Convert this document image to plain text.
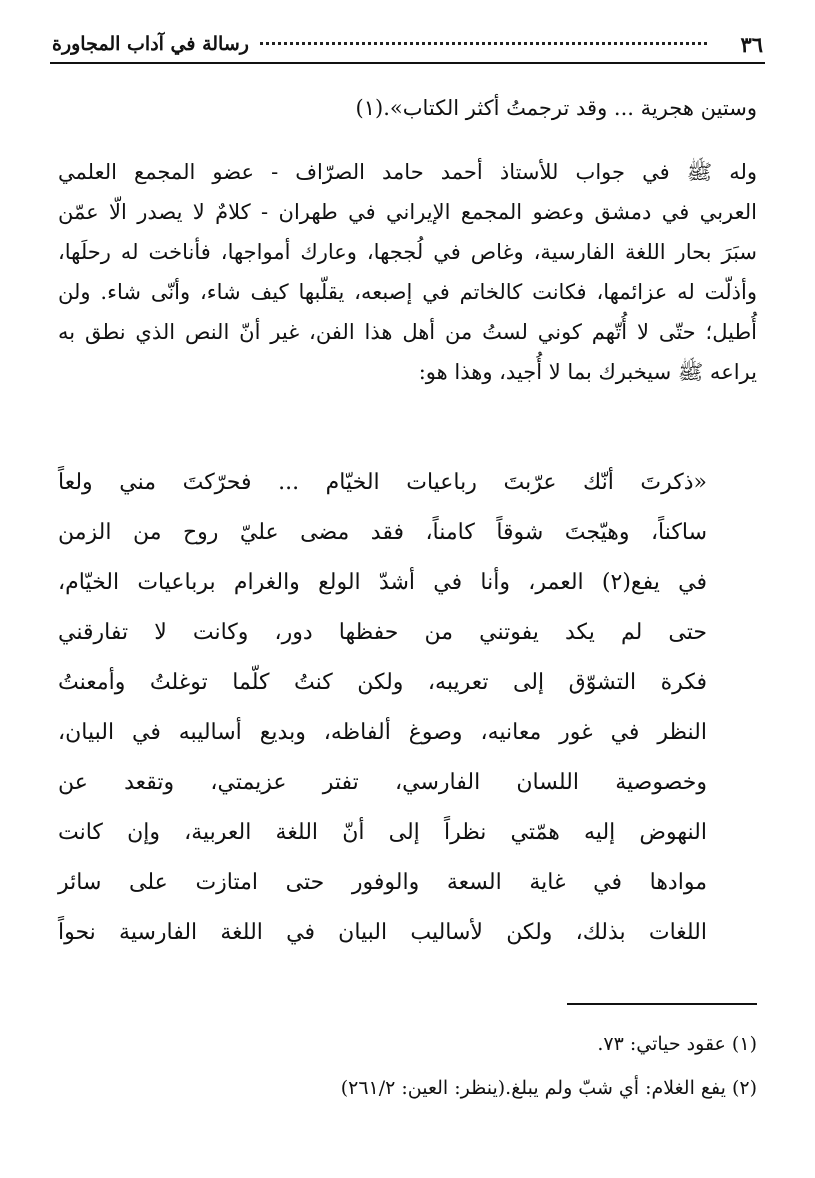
٣٦
رسالة في آداب المجاورة
وستين هجرية ... وقد ترجمتُ أكثر الكتاب».(١)
وله ﷺ في جواب للأستاذ أحمد حامد الصرّاف - عضو المجمع العلمي
العربي في دمشق وعضو المجمع الإيراني في طهران - كلامٌ لا يصدر الّا عمّن
سبَرَ بحار اللغة الفارسية، وغاص في لُججها، وعارك أمواجها، فأناخت له رحلَها،
وأذلّت له عزائمها، فكانت كالخاتم في إصبعه، يقلّبها كيف شاء، وأنّى شاء. ولن
أُطيل؛ حتّى لا أُتّهم كوني لستُ من أهل هذا الفن، غير أنّ النص الذي نطق به
يراعه ﷺ سيخبرك بما لا أُجيد، وهذا هو:
«ذكرتَ أنّك عرّبتَ رباعيات الخيّام ... فحرّكتَ مني ولعاً
ساكناً، وهيّجتَ شوقاً كامناً، فقد مضى عليّ روح من الزمن
في يفع(٢) العمر، وأنا في أشدّ الولع والغرام برباعيات الخيّام،
حتى لم يكد يفوتني من حفظها دور، وكانت لا تفارقني
فكرة التشوّق إلى تعريبه، ولكن كنتُ كلّما توغلتُ وأمعنتُ
النظر في غور معانيه، وصوغ ألفاظه، وبديع أساليبه في البيان،
وخصوصية اللسان الفارسي، تفتر عزيمتي، وتقعد عن
النهوض إليه همّتي نظراً إلى أنّ اللغة العربية، وإن كانت
موادها في غاية السعة والوفور حتى امتازت على سائر
اللغات بذلك، ولكن لأساليب البيان في اللغة الفارسية نحواً
(١) عقود حياتي: ٧٣.
(٢) يفع الغلام: أي شبّ ولم يبلغ.(ينظر: العين: ٢٦١/٢)
